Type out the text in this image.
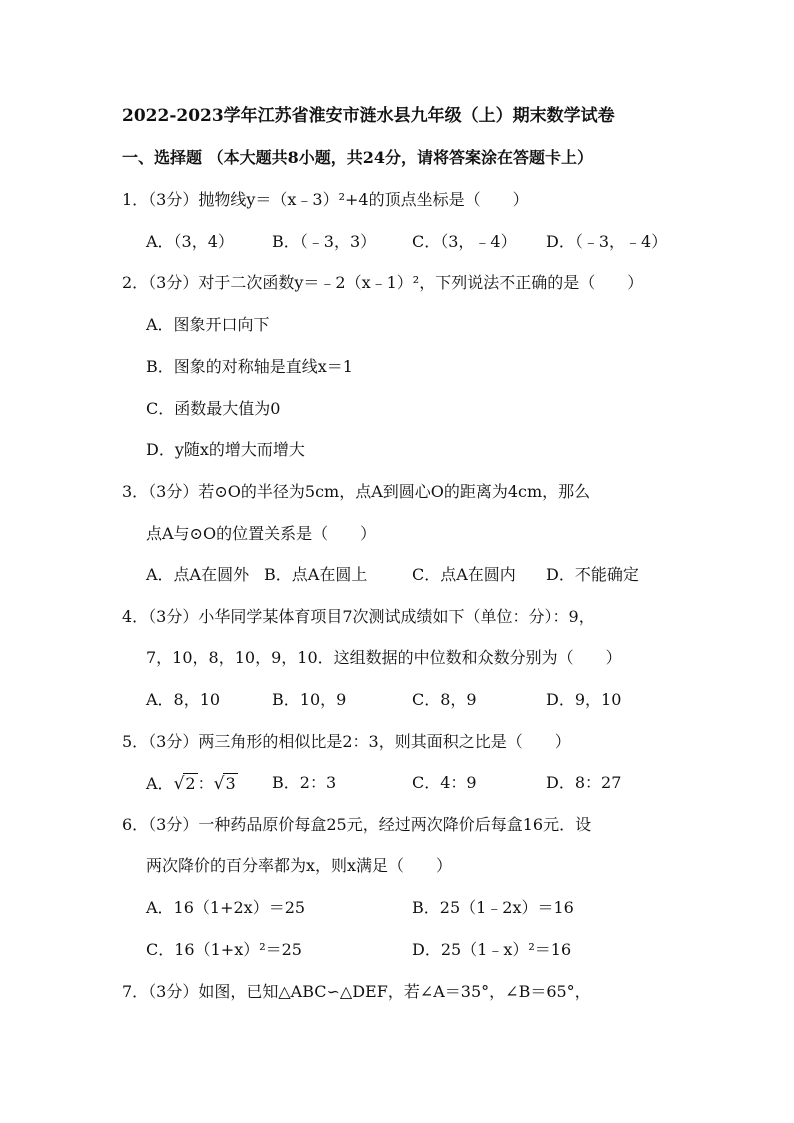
2022-2023学年江苏省淮安市涟水县九年级（上）期末数学试卷
一、选择题 （本大题共8小题，共24分，请将答案涂在答题卡上）
1．（3分）抛物线y＝（x﹣3）²+4的顶点坐标是（　　）
A．（3，4） B．（﹣3，3） C．（3，﹣4） D．（﹣3，﹣4）
2．（3分）对于二次函数y＝﹣2（x﹣1）²，下列说法不正确的是（　　）
A．图象开口向下
B．图象的对称轴是直线x＝1
C．函数最大值为0
D．y随x的增大而增大
3．（3分）若⊙O的半径为5cm，点A到圆心O的距离为4cm，那么
点A与⊙O的位置关系是（　　）
A．点A在圆外 B．点A在圆上	C．点A在圆内 D．不能确定
4．（3分）小华同学某体育项目7次测试成绩如下（单位：分）：9，
7，10，8，10，9，10．这组数据的中位数和众数分别为（　　）
A．8，10	B．10，9	C．8，9	D．9，10
5．（3分）两三角形的相似比是2：3，则其面积之比是（　　）
A．√2 ：√3 B．2：3	C．4：9	D．8：27
6．（3分）一种药品原价每盒25元，经过两次降价后每盒16元．设
两次降价的百分率都为x，则x满足（　　）
A．16（1+2x）＝25	B．25（1﹣2x）＝16
C．16（1+x）²＝25	D．25（1﹣x）²＝16
7．（3分）如图，已知△ABC∽△DEF，若∠A＝35°，∠B＝65°，
